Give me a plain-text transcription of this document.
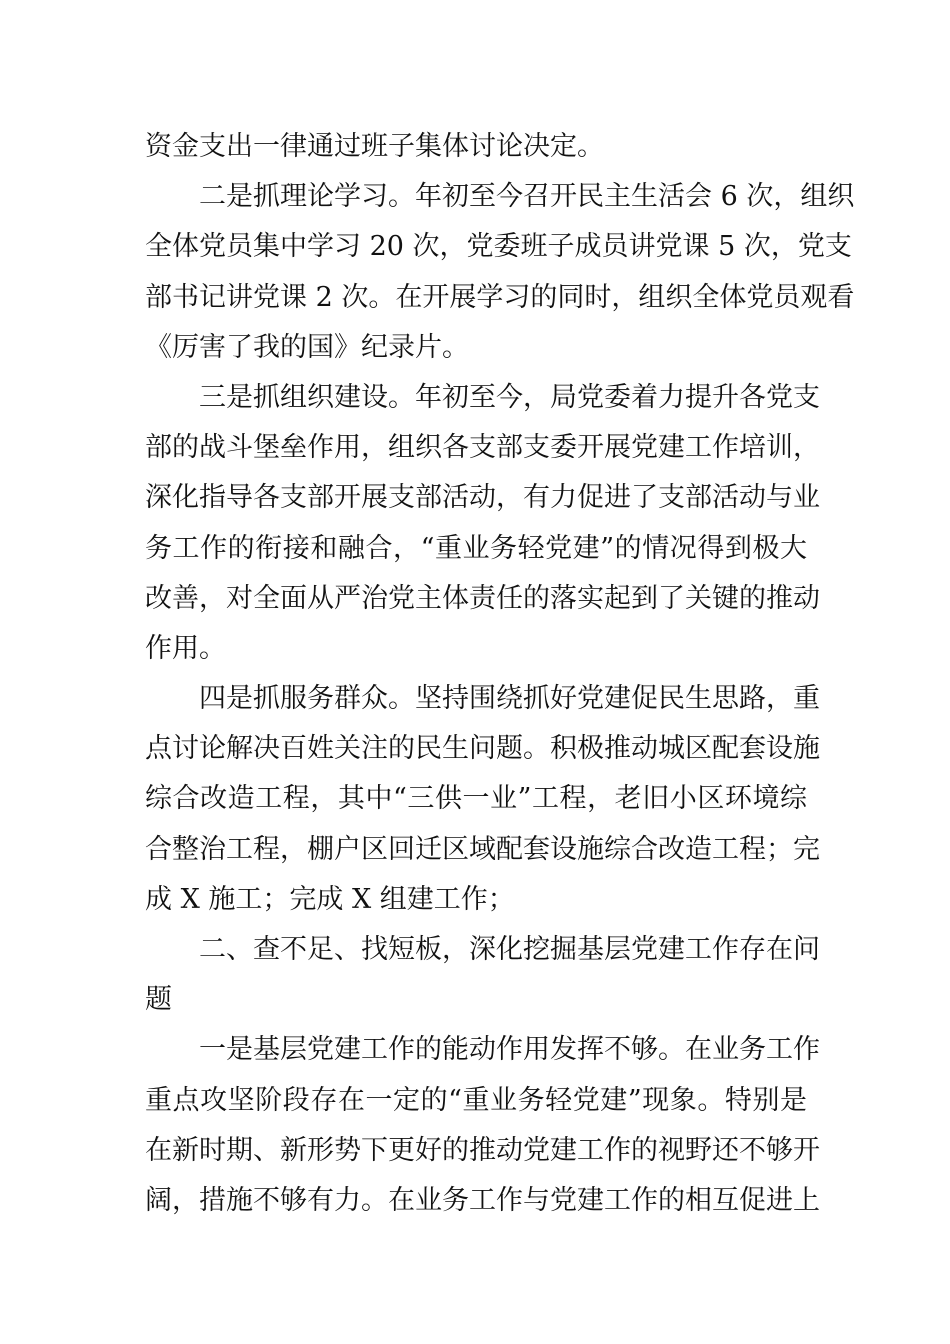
资金支出一律通过班子集体讨论决定。

二是抓理论学习。年初至今召开民主生活会 6 次，组织
全体党员集中学习 20 次，党委班子成员讲党课 5 次，党支
部书记讲党课 2 次。在开展学习的同时，组织全体党员观看
《厉害了我的国》纪录片。

三是抓组织建设。年初至今，局党委着力提升各党支
部的战斗堡垒作用，组织各支部支委开展党建工作培训，
深化指导各支部开展支部活动，有力促进了支部活动与业
务工作的衔接和融合，“重业务轻党建”的情况得到极大
改善，对全面从严治党主体责任的落实起到了关键的推动
作用。

四是抓服务群众。坚持围绕抓好党建促民生思路，重
点讨论解决百姓关注的民生问题。积极推动城区配套设施
综合改造工程，其中“三供一业”工程，老旧小区环境综
合整治工程，棚户区回迁区域配套设施综合改造工程；完
成 X 施工；完成 X 组建工作；

二、查不足、找短板，深化挖掘基层党建工作存在问
题

一是基层党建工作的能动作用发挥不够。在业务工作
重点攻坚阶段存在一定的“重业务轻党建”现象。特别是
在新时期、新形势下更好的推动党建工作的视野还不够开
阔，措施不够有力。在业务工作与党建工作的相互促进上
